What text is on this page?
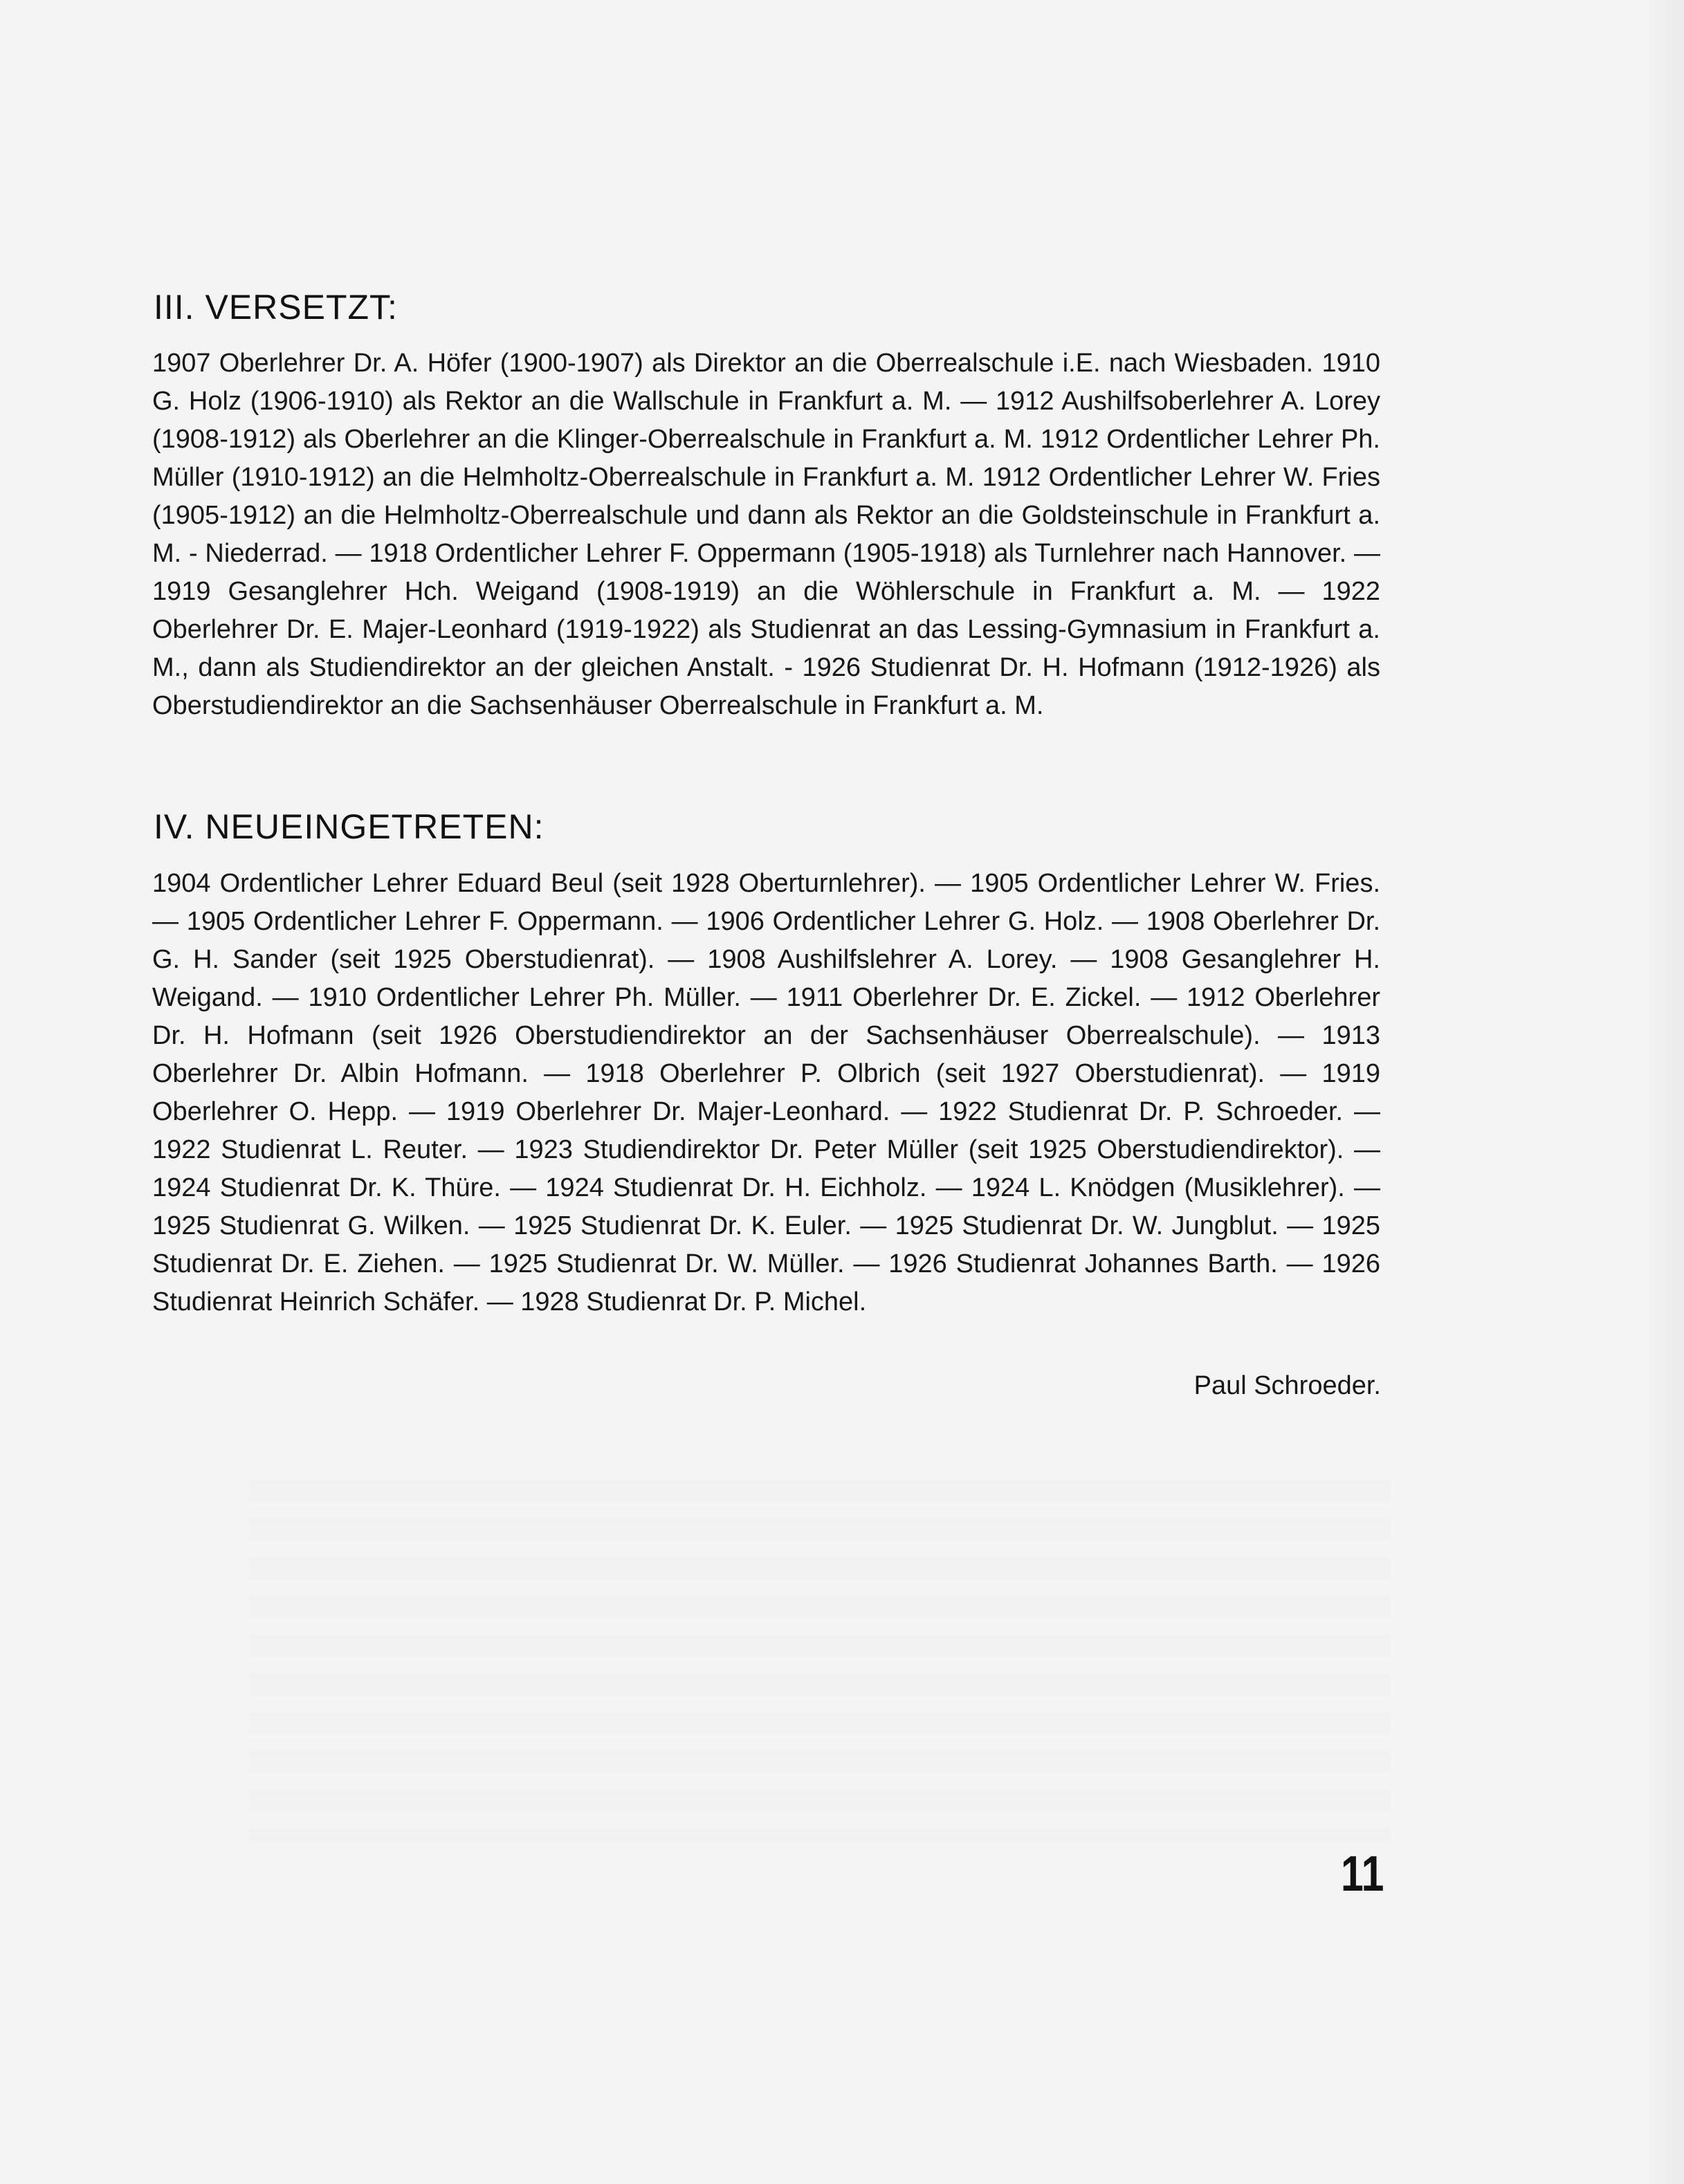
III. VERSETZT:

1907 Oberlehrer Dr. A. Höfer (1900-1907) als Direktor an die Oberrealschule i.E. nach Wiesbaden. 1910 G. Holz (1906-1910) als Rektor an die Wallschule in Frankfurt a. M. — 1912 Aushilfsoberlehrer A. Lorey (1908-1912) als Oberlehrer an die Klinger-Oberrealschule in Frankfurt a. M. 1912 Ordentlicher Lehrer Ph. Müller (1910-1912) an die Helmholtz-Oberrealschule in Frankfurt a. M. 1912 Ordentlicher Lehrer W. Fries (1905-1912) an die Helmholtz-Oberrealschule und dann als Rektor an die Goldsteinschule in Frankfurt a. M. - Niederrad. — 1918 Ordentlicher Lehrer F. Oppermann (1905-1918) als Turnlehrer nach Hannover. — 1919 Gesanglehrer Hch. Weigand (1908-1919) an die Wöhlerschule in Frankfurt a. M. — 1922 Oberlehrer Dr. E. Majer-Leonhard (1919-1922) als Studienrat an das Lessing-Gymnasium in Frankfurt a. M., dann als Studiendirektor an der gleichen Anstalt. - 1926 Studienrat Dr. H. Hofmann (1912-1926) als Oberstudiendirektor an die Sachsenhäuser Oberrealschule in Frankfurt a. M.

IV. NEUEINGETRETEN:

1904 Ordentlicher Lehrer Eduard Beul (seit 1928 Oberturnlehrer). — 1905 Ordentlicher Lehrer W. Fries. — 1905 Ordentlicher Lehrer F. Oppermann. — 1906 Ordentlicher Lehrer G. Holz. — 1908 Oberlehrer Dr. G. H. Sander (seit 1925 Oberstudienrat). — 1908 Aushilfslehrer A. Lorey. — 1908 Gesanglehrer H. Weigand. — 1910 Ordentlicher Lehrer Ph. Müller. — 1911 Oberlehrer Dr. E. Zickel. — 1912 Oberlehrer Dr. H. Hofmann (seit 1926 Oberstudiendirektor an der Sachsenhäuser Oberrealschule). — 1913 Oberlehrer Dr. Albin Hofmann. — 1918 Oberlehrer P. Olbrich (seit 1927 Oberstudienrat). — 1919 Oberlehrer O. Hepp. — 1919 Oberlehrer Dr. Majer-Leonhard. — 1922 Studienrat Dr. P. Schroeder. — 1922 Studienrat L. Reuter. — 1923 Studiendirektor Dr. Peter Müller (seit 1925 Oberstudiendirektor). — 1924 Studienrat Dr. K. Thüre. — 1924 Studienrat Dr. H. Eichholz. — 1924 L. Knödgen (Musiklehrer). — 1925 Studienrat G. Wilken. — 1925 Studienrat Dr. K. Euler. — 1925 Studienrat Dr. W. Jungblut. — 1925 Studienrat Dr. E. Ziehen. — 1925 Studienrat Dr. W. Müller. — 1926 Studienrat Johannes Barth. — 1926 Studienrat Heinrich Schäfer. — 1928 Studienrat Dr. P. Michel.

Paul Schroeder.
11
